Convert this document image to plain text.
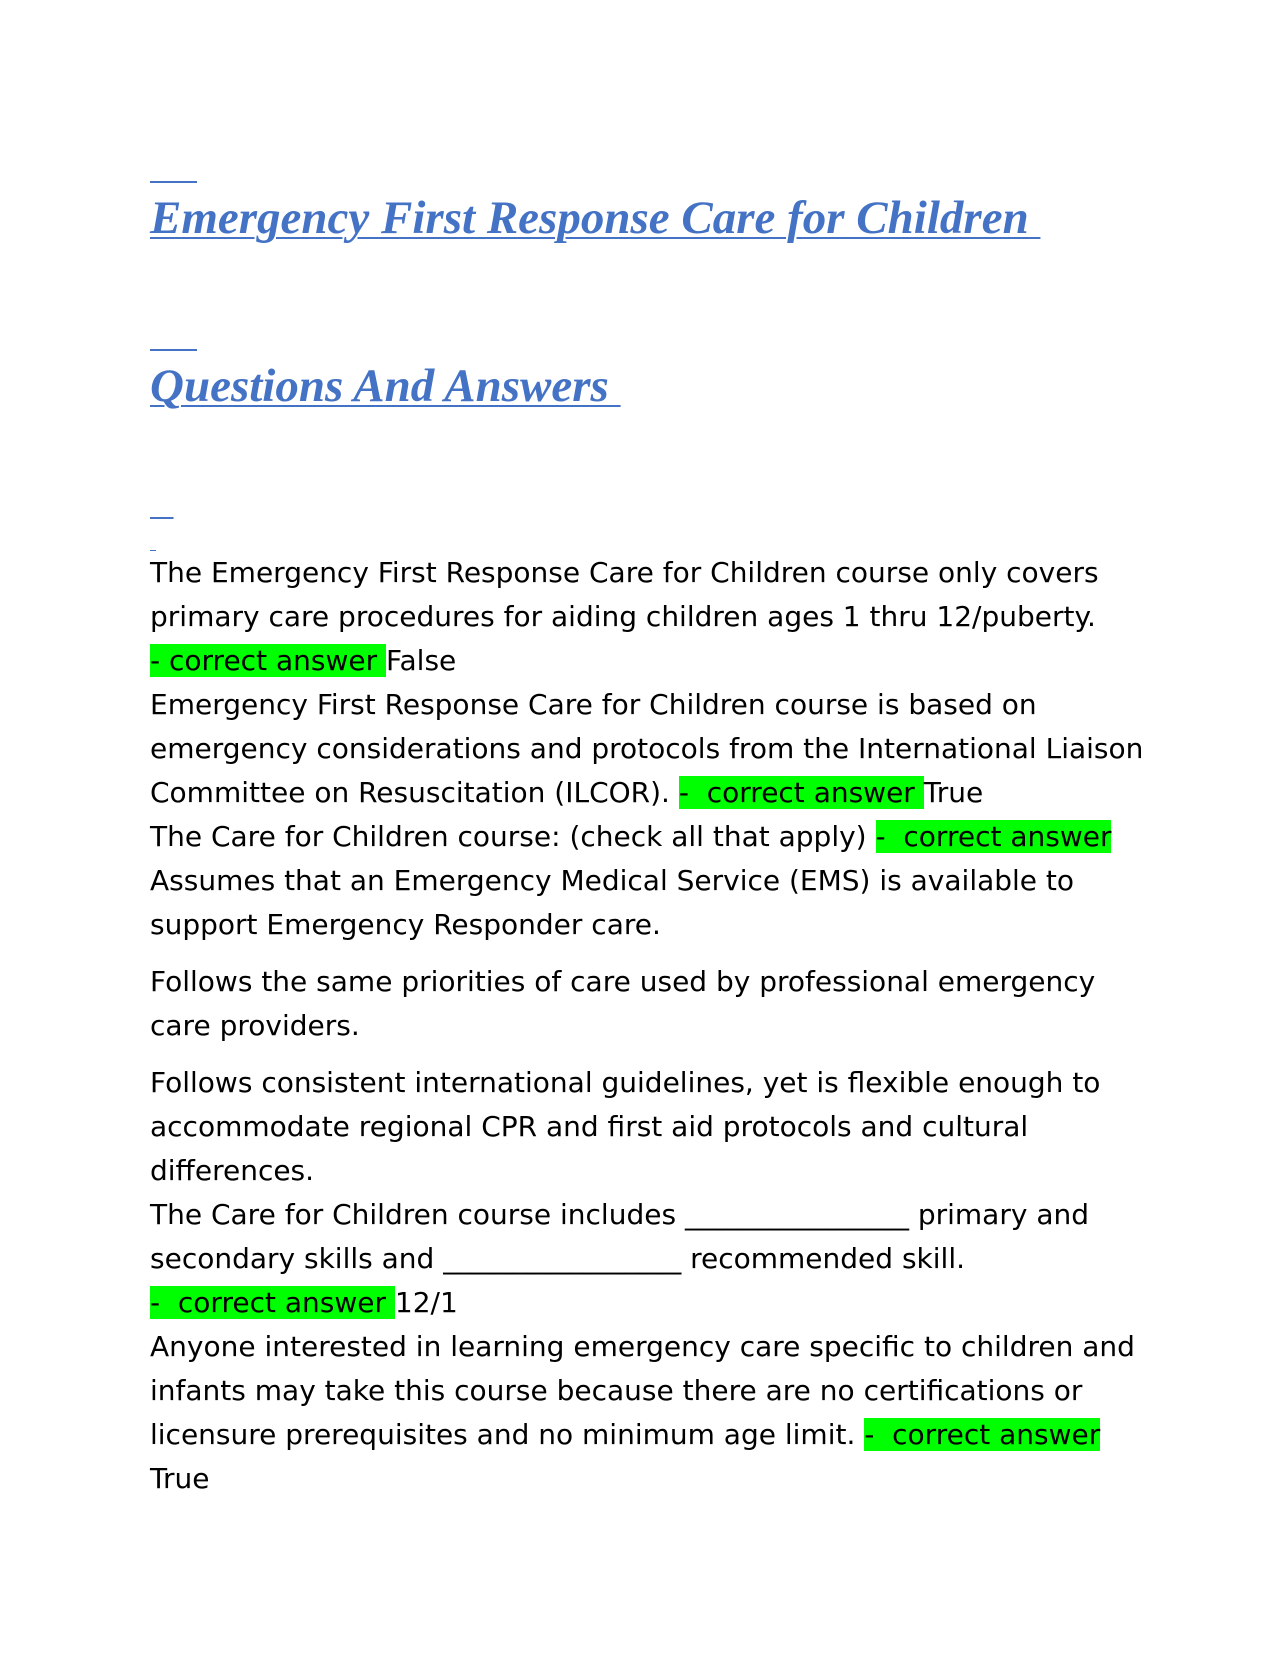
Emergency First Response Care for Children

Questions And Answers

The Emergency First Response Care for Children course only covers primary care procedures for aiding children ages 1 thru 12/puberty. - correct answer False

Emergency First Response Care for Children course is based on emergency considerations and protocols from the International Liaison Committee on Resuscitation (ILCOR). -  correct answer True

The Care for Children course: (check all that apply) -  correct answer
Assumes that an Emergency Medical Service (EMS) is available to support Emergency Responder care.

Follows the same priorities of care used by professional emergency care providers.

Follows consistent international guidelines, yet is flexible enough to accommodate regional CPR and first aid protocols and cultural differences.

The Care for Children course includes ________________ primary and secondary skills and _________________ recommended skill. -  correct answer 12/1

Anyone interested in learning emergency care specific to children and infants may take this course because there are no certifications or licensure prerequisites and no minimum age limit. -  correct answer
True
